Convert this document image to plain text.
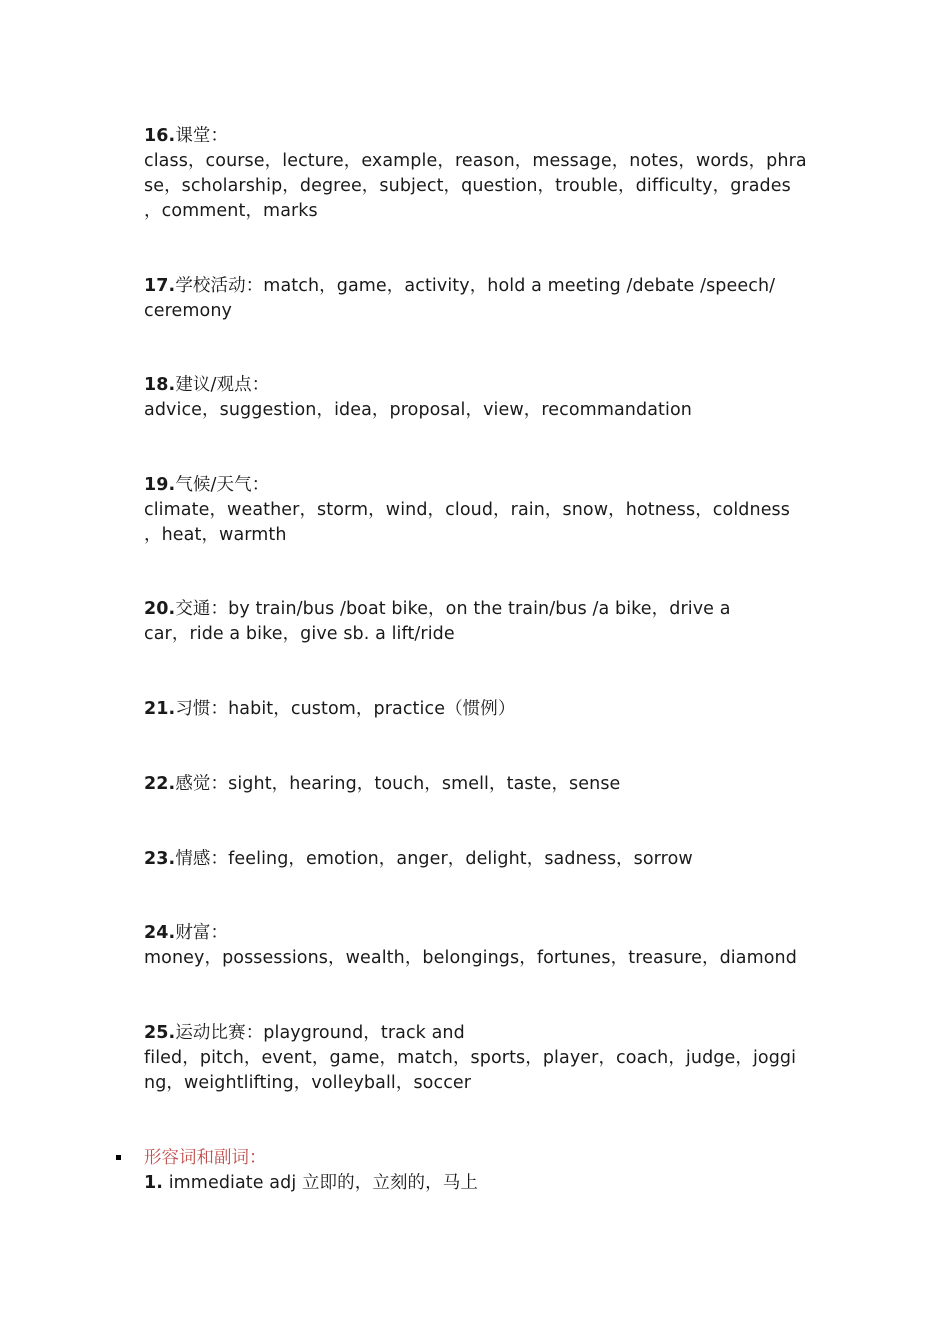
16.课堂：
class，course，lecture，example，reason，message，notes，words，phra
se，scholarship，degree，subject，question，trouble，difficulty，grades
，comment，marks
17.学校活动：match，game，activity，hold a meeting /debate /speech/
ceremony
18.建议/观点：
advice，suggestion，idea，proposal，view，recommandation
19.气候/天气：
climate，weather，storm，wind，cloud，rain，snow，hotness，coldness
，heat，warmth
20.交通：by train/bus /boat bike，on the train/bus /a bike，drive a
car，ride a bike，give sb. a lift/ride
21.习惯：habit，custom，practice（惯例）
22.感觉：sight，hearing，touch，smell，taste，sense
23.情感：feeling，emotion，anger，delight，sadness，sorrow
24.财富：
money，possessions，wealth，belongings，fortunes，treasure，diamond
25.运动比赛：playground，track and
filed，pitch，event，game，match，sports，player，coach，judge，joggi
ng，weightlifting，volleyball，soccer
形容词和副词：
1. immediate adj 立即的，立刻的，马上
